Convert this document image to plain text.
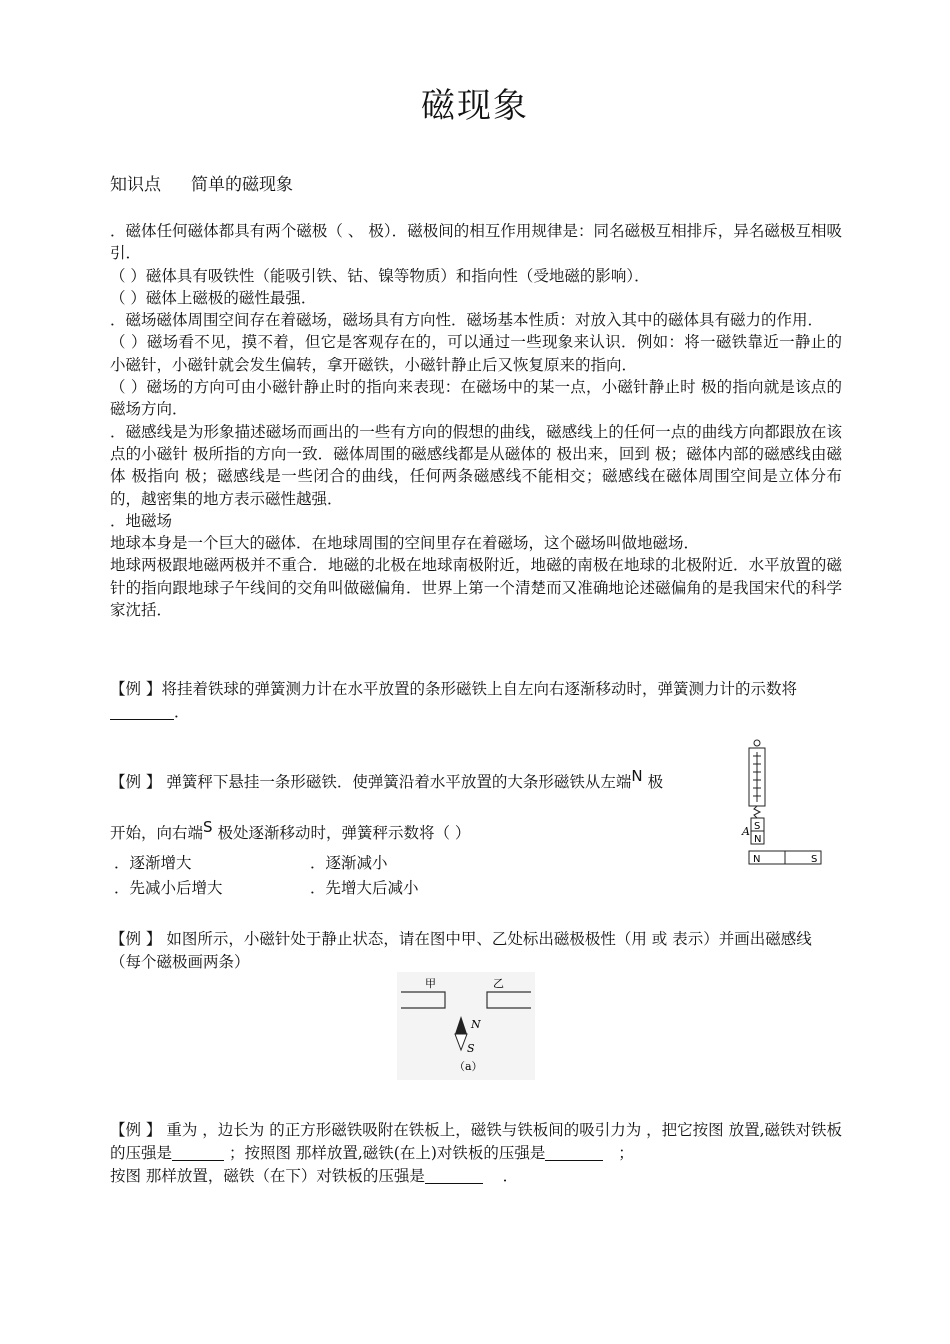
磁现象
知识点 简单的磁现象

．磁体任何磁体都具有两个磁极（ 、 极）．磁极间的相互作用规律是：同名磁极互相排斥，异名磁极互相吸引．

（ ）磁体具有吸铁性（能吸引铁、钴、镍等物质）和指向性（受地磁的影响）．

（ ）磁体上磁极的磁性最强．

．磁场磁体周围空间存在着磁场，磁场具有方向性．磁场基本性质：对放入其中的磁体具有磁力的作用．

（ ）磁场看不见，摸不着，但它是客观存在的，可以通过一些现象来认识．例如：将一磁铁靠近一静止的小磁针，小磁针就会发生偏转，拿开磁铁，小磁针静止后又恢复原来的指向．

（ ）磁场的方向可由小磁针静止时的指向来表现：在磁场中的某一点，小磁针静止时 极的指向就是该点的磁场方向．

．磁感线是为形象描述磁场而画出的一些有方向的假想的曲线，磁感线上的任何一点的曲线方向都跟放在该点的小磁针 极所指的方向一致．磁体周围的磁感线都是从磁体的 极出来，回到 极；磁体内部的磁感线由磁体 极指向 极；磁感线是一些闭合的曲线，任何两条磁感线不能相交；磁感线在磁体周围空间是立体分布的，越密集的地方表示磁性越强．

．地磁场

地球本身是一个巨大的磁体．在地球周围的空间里存在着磁场，这个磁场叫做地磁场．

地球两极跟地磁两极并不重合．地磁的北极在地球南极附近，地磁的南极在地球的北极附近．水平放置的磁针的指向跟地球子午线间的交角叫做磁偏角．世界上第一个清楚而又准确地论述磁偏角的是我国宋代的科学家沈括．

【例 】将挂着铁球的弹簧测力计在水平放置的条形磁铁上自左向右逐渐移动时，弹簧测力计的示数将．

【例 】 弹簧秤下悬挂一条形磁铁．使弹簧沿着水平放置的大条形磁铁从左端N 极

开始，向右端S 极处逐渐移动时，弹簧秤示数将（ ）

．逐渐增大	．逐渐减小
．先减小后增大	．先增大后减小
A S
N
N	S

【例 】 如图所示，小磁针处于静止状态，请在图中甲、乙处标出磁极极性（用 或 表示）并画出磁感线（每个磁极画两条）

甲	乙
N
S
（a）

【例 】 重为 ，边长为 的正方形磁铁吸附在铁板上，磁铁与铁板间的吸引力为 ，把它按图 放置,磁铁对铁板的压强是	；按照图 那样放置,磁铁(在上)对铁板的压强是	；

按图 那样放置，磁铁（在下）对铁板的压强是	．
